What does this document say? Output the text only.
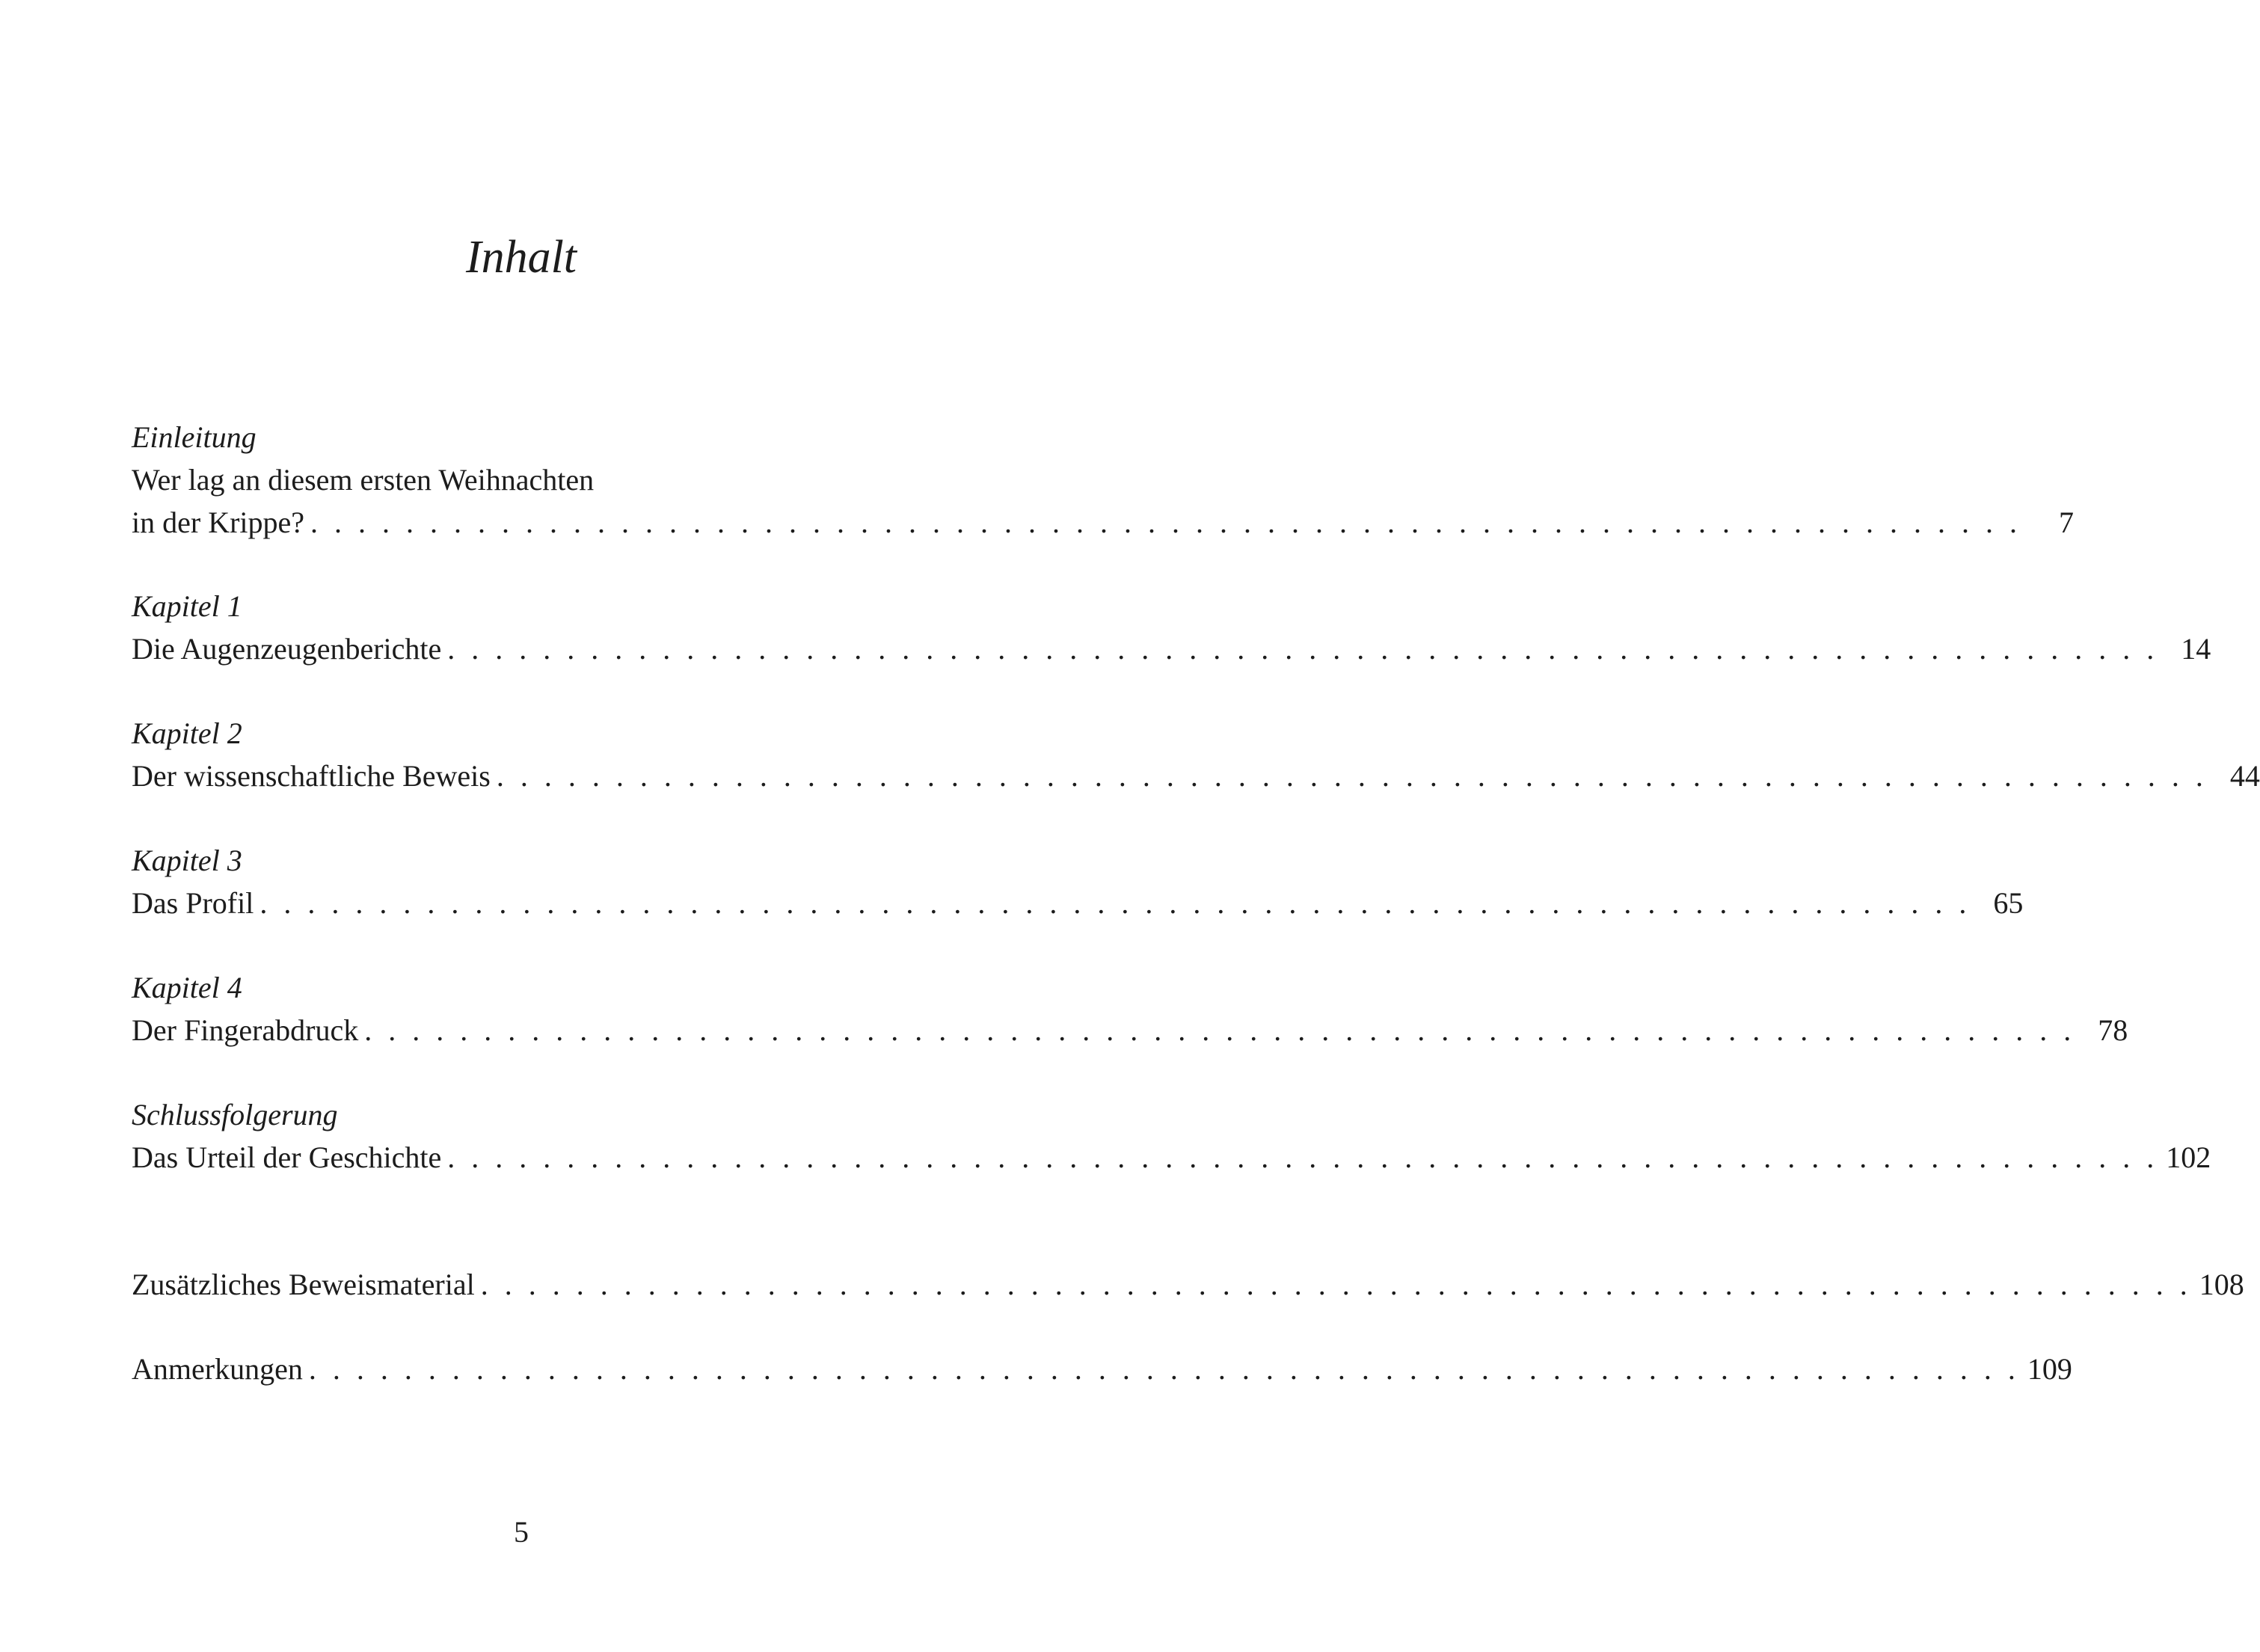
Inhalt
Einleitung
Wer lag an diesem ersten Weihnachten
in der Krippe? . . . . . . . . . . . . . . . . . . . . . . . . . . . . . . . . . . . . . . . . . . . . . . . . . . . . . . . . . . . . . . . . . . . . . . . .	7
Kapitel 1
Die Augenzeugenberichte . . . . . . . . . . . . . . . . . . . . . . . . . . . . . . . . . . . . . . . . . . . . . . . . . . . . . . . . . . . . . . . . . . . . . . . . 14
Kapitel 2
Der wissenschaftliche Beweis . . . . . . . . . . . . . . . . . . . . . . . . . . . . . . . . . . . . . . . . . . . . . . . . . . . . . . . . . . . . . . . . . . . . . . . . 44
Kapitel 3
Das Profil . . . . . . . . . . . . . . . . . . . . . . . . . . . . . . . . . . . . . . . . . . . . . . . . . . . . . . . . . . . . . . . . . . . . . . . . 65
Kapitel 4
Der Fingerabdruck . . . . . . . . . . . . . . . . . . . . . . . . . . . . . . . . . . . . . . . . . . . . . . . . . . . . . . . . . . . . . . . . . . . . . . . . 78
Schlussfolgerung
Das Urteil der Geschichte . . . . . . . . . . . . . . . . . . . . . . . . . . . . . . . . . . . . . . . . . . . . . . . . . . . . . . . . . . . . . . . . . . . . . . . . 102
Zusätzliches Beweismaterial . . . . . . . . . . . . . . . . . . . . . . . . . . . . . . . . . . . . . . . . . . . . . . . . . . . . . . . . . . . . . . . . . . . . . . . . 108
Anmerkungen . . . . . . . . . . . . . . . . . . . . . . . . . . . . . . . . . . . . . . . . . . . . . . . . . . . . . . . . . . . . . . . . . . . . . . . . 109
5
